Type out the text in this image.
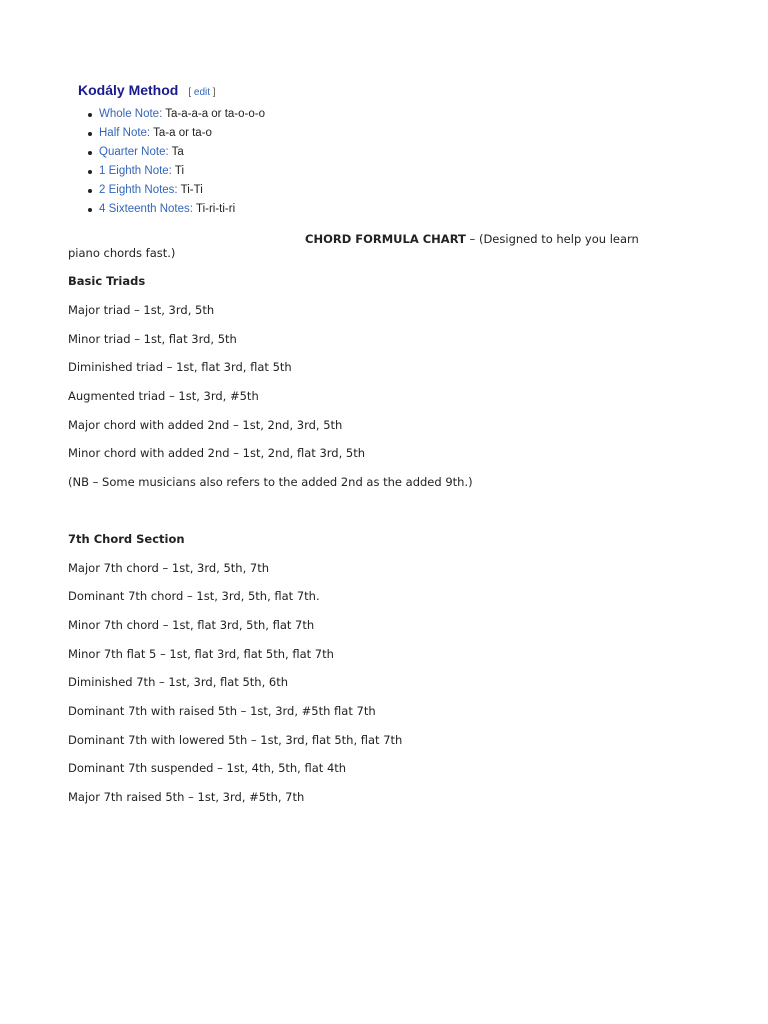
Kodály Method [ edit ]
Whole Note: Ta-a-a-a or ta-o-o-o
Half Note: Ta-a or ta-o
Quarter Note: Ta
1 Eighth Note: Ti
2 Eighth Notes: Ti-Ti
4 Sixteenth Notes: Ti-ri-ti-ri
CHORD FORMULA CHART – (Designed to help you learn
piano chords fast.)
Basic Triads
Major triad – 1st, 3rd, 5th
Minor triad – 1st, flat 3rd, 5th
Diminished triad – 1st, flat 3rd, flat 5th
Augmented triad – 1st, 3rd, #5th
Major chord with added 2nd – 1st, 2nd, 3rd, 5th
Minor chord with added 2nd – 1st, 2nd, flat 3rd, 5th
(NB – Some musicians also refers to the added 2nd as the added 9th.)
7th Chord Section
Major 7th chord – 1st, 3rd, 5th, 7th
Dominant 7th chord – 1st, 3rd, 5th, flat 7th.
Minor 7th chord – 1st, flat 3rd, 5th, flat 7th
Minor 7th flat 5 – 1st, flat 3rd, flat 5th, flat 7th
Diminished 7th – 1st, 3rd, flat 5th, 6th
Dominant 7th with raised 5th – 1st, 3rd, #5th flat 7th
Dominant 7th with lowered 5th – 1st, 3rd, flat 5th, flat 7th
Dominant 7th suspended – 1st, 4th, 5th, flat 4th
Major 7th raised 5th – 1st, 3rd, #5th, 7th
